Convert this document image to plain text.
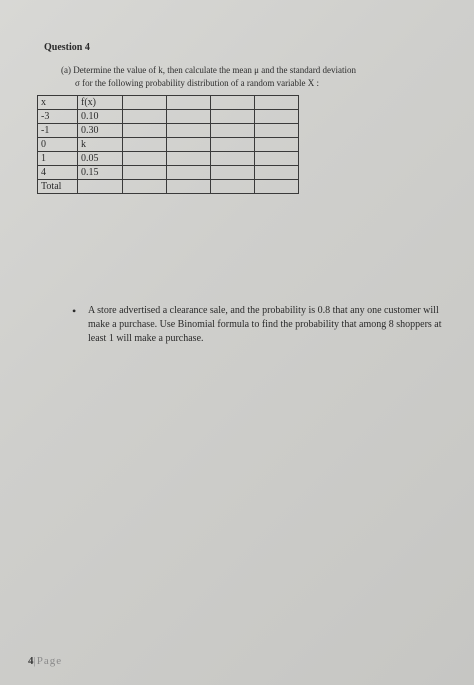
Question 4
(a) Determine the value of k, then calculate the mean μ and the standard deviation
σ for the following probability distribution of a random variable X :
x	f(x)				
-3	0.10				
-1	0.30				
0	k				
1	0.05				
4	0.15				
Total					
•	A store advertised a clearance sale, and the probability is 0.8 that any one customer will make a purchase. Use Binomial formula to find the probability that among 8 shoppers at least 1 will make a purchase.
4|Page
